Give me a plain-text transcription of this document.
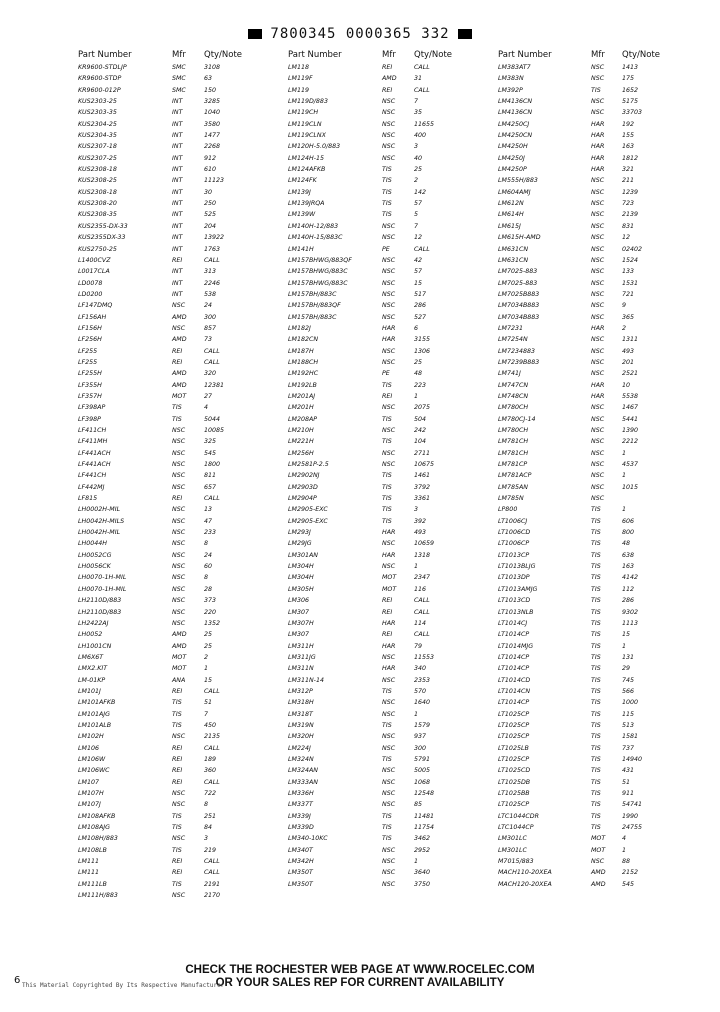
7800345 0000365 332
Part Number	Mfr Qty/Note
KR9600-STDLJP	SMC	3108
KR9600-STDP	SMC	63
KR9600-012P	SMC	150
KUS2303-25	INT	3285
KUS2303-35	INT	1040
KUS2304-25	INT	3580
KUS2304-35	INT	1477
KUS2307-18	INT	2268
KUS2307-25	INT	912
KUS2308-18	INT	610
KUS2308-25	INT	11123
KUS2308-18	INT	30
KUS2308-20	INT	250
KUS2308-35	INT	525
KUS2355-DX-33	INT	204
KUS2355DX-33	INT	13922
KUS2750-25	INT	1763
L1400CVZ	REI	CALL
L0017CLA	INT	313
LD0078	INT	2246
LD0200	INT	538
LF147DMQ	NSC	24
LF156AH	AMD	300
LF156H	NSC	857
LF256H	AMD	73
LF255	REI	CALL
LF255	REI	CALL
LF255H	AMD	320
LF355H	AMD	12381
LF357H	MOT	27
LF398AP	TIS	4
LF398P	TIS	5044
LF411CH	NSC	10085
LF411MH	NSC	325
LF441ACH	NSC	545
LF441ACH	NSC	1800
LF441CH	NSC	811
LF442MJ	NSC	657
LF815	REI	CALL
LH0002H-MIL	NSC	13
LH0042H-MILS	NSC	47
LH0042H-MIL	NSC	233
LH0044H	NSC	8
LH0052CG	NSC	24
LH0056CK	NSC	60
LH0070-1H-MIL	NSC	8
LH0070-1H-MIL	NSC	28
LH2110D/883	NSC	373
LH2110D/883	NSC	220
LH2422AJ	NSC	1352
LH0052	AMD	25
LH1001CN	AMD	25
LM6X6T	MOT	2
LMX2.KIT	MOT	1
LM-01KP	ANA	15
LM101J	REI	CALL
LM101AFKB	TIS	51
LM101AJG	TIS	7
LM101ALB	TIS	450
LM102H	NSC	2135
LM106	REI	CALL
LM106W	REI	189
LM106WC	REI	360
LM107	REI	CALL
LM107H	NSC	722
LM107J	NSC	8
LM108AFKB	TIS	251
LM108AJG	TIS	84
LM108H/883	NSC	3
LM108LB	TIS	219
LM111	REI	CALL
LM111	REI	CALL
LM111LB	TIS	2191
LM111H/883	NSC	2170
Part Number	Mfr Qty/Note
LM118	REI	CALL
LM119F	AMD	31
LM119	REI	CALL
LM119D/883	NSC	7
LM119CH	NSC	35
LM119CLN	NSC	11655
LM119CLNX	NSC	400
LM120H-5.0/883	NSC	3
LM124H-15	NSC	40
LM124AFKB	TIS	25
LM124FK	TIS	2
LM139J	TIS	142
LM139JRQA	TIS	57
LM139W	TIS	5
LM140H-12/883	NSC	7
LM140H-15/883C	NSC	12
LM141H	PE	CALL
LM157BHWG/883QF	NSC	42
LM157BHWG/883C	NSC	57
LM157BHWG/883C	NSC	15
LM157BH/883C	NSC	517
LM157BH/883QF	NSC	286
LM157BH/883C	NSC	527
LM182J	HAR	6
LM182CN	HAR	3155
LM187H	NSC	1306
LM188CH	NSC	25
LM192HC	PE	48
LM192LB	TIS	223
LM201AJ	REI	1
LM201H	NSC	2075
LM208AP	TIS	504
LM210H	NSC	242
LM221H	TIS	104
LM256H	NSC	2711
LM2581P-2.5	NSC	10675
LM2902NJ	TIS	1461
LM2903D	TIS	3792
LM2904P	TIS	3361
LM2905-EXC	TIS	3
LM2905-EXC	TIS	392
LM293J	HAR	493
LM29JG	NSC	10659
LM301AN	HAR	1318
LM304H	NSC	1
LM304H	MOT	2347
LM305H	MOT	116
LM306	REI	CALL
LM307	REI	CALL
LM307H	HAR	114
LM307	REI	CALL
LM311H	HAR	79
LM311JG	NSC	11553
LM311N	HAR	340
LM311N-14	NSC	2353
LM312P	TIS	570
LM318H	NSC	1640
LM318T	NSC	1
LM319N	TIS	1579
LM320H	NSC	937
LM224J	NSC	300
LM324N	TIS	5791
LM324AN	NSC	5005
LM333AN	NSC	1068
LM336H	NSC	12548
LM337T	NSC	85
LM339J	TIS	11481
LM339D	TIS	11754
LM340-10KC	TIS	3462
LM340T	NSC	2952
LM342H	NSC	1
LM350T	NSC	3640
LM350T	NSC	3750
Part Number	Mfr Qty/Note
LM383AT7	NSC	1413
LM383N	NSC	175
LM392P	TIS	1652
LM4136CN	NSC	5175
LM4136CN	NSC	33703
LM4250CJ	HAR	192
LM4250CN	HAR	155
LM4250H	HAR	163
LM4250J	HAR	1812
LM4250P	HAR	321
LM555H/883	NSC	211
LM604AMJ	NSC	1239
LM612N	NSC	723
LM614H	NSC	2139
LM615J	NSC	831
LM615H-AMD	NSC	12
LM631CN	NSC	02402
LM631CN	NSC	1524
LM7025-883	NSC	133
LM7025-883	NSC	1531
LM7025B883	NSC	721
LM7034B883	NSC	9
LM7034B883	NSC	365
LM7231	HAR	2
LM7254N	NSC	1311
LM7234883	NSC	493
LM7239B883	NSC	201
LM741J	NSC	2521
LM747CN	HAR	10
LM748CN	HAR	5538
LM780CH	NSC	1467
LM780CJ-14	NSC	5441
LM780CH	NSC	1390
LM781CH	NSC	2212
LM781CH	NSC	1
LM781CP	NSC	4537
LM781ACP	NSC	1
LM785AN	NSC	1015
LM785N	NSC
LP800	TIS	1
LT1006CJ	TIS	606
LT1006CD	TIS	800
LT1006CP	TIS	48
LT1013CP	TIS	638
LT1013BLJG	TIS	163
LT1013DP	TIS	4142
LT1013AMJG	TIS	112
LT1013CD	TIS	286
LT1013NLB	TIS	9302
LT1014CJ	TIS	1113
LT1014CP	TIS	15
LT1014MJG	TIS	1
LT1014CP	TIS	131
LT1014CP	TIS	29
LT1014CD	TIS	745
LT1014CN	TIS	566
LT1014CP	TIS	1000
LT1025CP	TIS	115
LT1025CP	TIS	513
LT1025CP	TIS	1581
LT1025LB	TIS	737
LT1025CP	TIS	14940
LT1025CD	TIS	431
LT1025DB	TIS	51
LT1025BB	TIS	911
LT1025CP	TIS	54741
LTC1044CDR	TIS	1990
LTC1044CP	TIS	24755
LM301LC	MOT	4
LM301LC	MOT	1
M7015/883	NSC	88
MACH110-20XEA	AMD	2152
MACH120-20XEA	AMD	545
CHECK THE ROCHESTER WEB PAGE AT WWW.ROCELEC.COM
OR YOUR SALES REP FOR CURRENT AVAILABILITY
6 This Material Copyrighted By Its Respective Manufacturer
